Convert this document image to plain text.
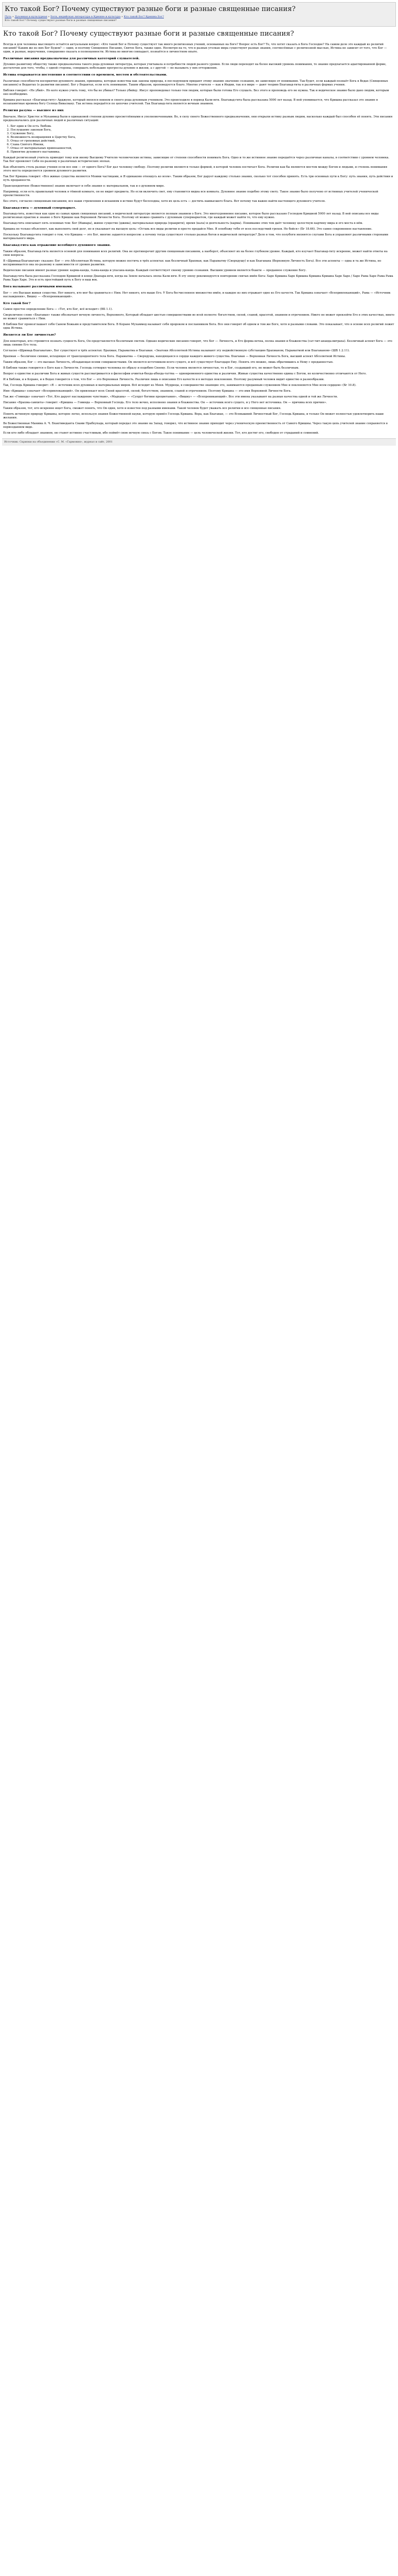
Кто такой Бог? Почему существуют разные боги и разные священные писания?
Путь » Духовная и культурная » Боги, индийская литература в Кришне и культура » Кто такой Бог? Кришна Бог?
Кто такой Бог? Почему существуют разные боги и разные священные писания?
Кто такой Бог? Почему существуют разные боги и разные священные писания?

Всегда и для человека мыслящего остаётся актуальным вопрос: «Кто такой Бог и Почему существует так много религиозных учений, основанных на Боге? Вопрос есть Бог? То, что хотят сказать в Бога Господне? На самом деле это каждый из религий писаний? Каким же из них Бог Будем? — один, и поэтому Священное Писание, Святое Бога, также одно. Несмотря на то, что в разных уголках мира существуют разные знания, соотнесённые с религиозной мыслью, Истина не зависит от того, что Бог — один, и разные, вероучения, совершенно сказать в полноценности. Истина во многом совпадает, познаётся в личностном опыте.

Различные писания предназначены для различных категорий слушателей.

Духовно развитому обществу также предназначена такого рода духовная литература, которая учитывала и потребности людей разного уровня. Если люди переходят на более высокий уровень понимания, то знание предлагается адаптированной форме, достаточно для того, чтобы, с одной стороны, совершать небольшие прогрессы духовно в жизни, а с другой — не вызывать у них отторжения.

Истина открывается постепенно в соответствии со временем, местом и обстоятельствами.

Различные способности восприятия духовного знания, принципы, которые известны как законы природы, в последующем придают этому знанию значение сознания, не зависящее от понимания. Так будет, если каждый познаёт Бога в Ведах (Священных писаниях) и Ведантах (о развитии писания). Бог у Ведантах, если есть понимание. Таким образом, проповедуется благо. Многие учителя — как в Индии, так и в мире — дают теорию Бхагавад-гиты в различных формах учения.

Библия говорит: «Не убий». Но кого нужно учить тому, что бы не убивал? Только убийцу. Иисус проповедовал только тем людям, которые были готовы Его слушать. Без этого и проповедь его не нужна. Так и ведическое знание было дано людям, которым оно необходимо.

Кришна рассказал «Бхагавад-гиту» Арджуне, который являлся воином и своего рода духовным учеником. Это происходило в период Кали-юги. Бхагавад-гита была рассказана 5000 лет назад. В ней упоминается, что Кришна рассказал это знание в незапамятные времена богу Солнца Вивасвану. Так истина передаётся по цепочке учителей. Так Бхагавад-гита является вечным знанием.

Религия разума — высшее из них

Вначале, Иисус Христос и Мухаммед были в одинаковой степени духовно просветлёнными и уполномоченными. Во, в силу своего Божественного предназначения, они открыли истину разным людям, насколько каждый был способен её понять. Эти писания предназначались для различных людей и различных ситуаций:

1. Бог един и Он есть Любовь
2. Послушание законам Бога,
3. Служение Богу,
4. Возможность возвращения к Царству Бога,
5. Отказ от греховных действий,
6. Слава Святого Имени,
7. Отказ от материальных привязанностей,
8. Принятие духовного наставника.

Каждый религиозный учитель приводит тому или иному Высшему Учителю человеческие истины, зависящие от степени способности понимать Бога. Одно и то же истинное знание передаётся через различные каналы, в соответствии с уровнем человека. Так Бог проявляет Себя по-разному в различных исторических эпохах.

Как объяснить столь разные учения если все они — от одного Бога? Бог дал человеку свободу. Поэтому религии являются только формой, в которой человек постигает Бога. Религии как бы являются мостом между Богом и людьми, и степень понимания этого моста определяется уровнем духовного развития.

Так Бог Кришна говорит: «Все живые существа являются Моими частицами, и Я одинаково отношусь ко всем». Таким образом, Бог дарует каждому столько знания, сколько тот способен принять. Есть три основных пути к Богу: путь знания, путь действия и путь преданности.

Трансцендентное (божественное) знание включает в себя знания о: материальном, так и о духовном мире.

Например, если есть правильный человек в тёмной комнате, он не видит предмета. Но если включить свет, ему становится видна вся комната. Духовное знание подобно этому свету. Такое знание было получено от истинных учителей ученической преемственности.

Без этого, согласно священным писаниям, все наши стремления и исканиям в истине будут бесплодны, хотя их цель есть — достичь наивысшего блага. Вот почему так важно найти настоящего духовного учителя.

Бхагавад-гита — духовный супермаркет.

Бхагавад-гита, известная как одно из самых ярких священных писаний, в ведической литературе является полным знанием о Боге. Это многоуровневое писание, которое было рассказано Господом Кришной 5000 лет назад. В ней описаны все виды религиозных практик и знание о Боге Кришне как Верховной Личности Бога. Поэтому её можно сравнить с духовным супермаркетом, где каждый может найти то, что ему нужно.

Бхагавад-гита описывает пять основных тем: Бог (Ишвара), живое существо (джива), материальная природа (пракрити), время (кала) и деятельность (карма). Понимание этих тем даёт человеку целостную картину мира и его места в нём.

Кришна не только объясняет, как выполнять свой долг, но и указывает на высшую цель: «Оставь все виды религии и просто предайся Мне. Я освобожу тебя от всех последствий грехов. Не бойся» (Бг 18.66). Это самое сокровенное наставление.

Поскольку Бхагавад-гита говорит о том, что Кришна — это Бог, многие задаются вопросом: а почему тогда существует столько разных богов в ведической литературе? Дело в том, что полубоги являются слугами Бога и управляют различными сторонами материального мира.

Бхагавад-гита как отражение всеобщего духовного знания.

Таким образом, Бхагавад-гита является основой для понимания всех религий. Она не противоречит другим священным писаниям, а наоборот, объясняет их на более глубоком уровне. Каждый, кто изучает Бхагавад-гиту искренне, может найти ответы на свои вопросы.

В «Шримад-Бхагаватам» сказано: Бог — это Абсолютная Истина, которую можно постичь в трёх аспектах: как безличный Брахман, как Параматму (Сверхдушу) и как Бхагавана (Верховную Личность Бога). Все эти аспекты — одна и та же Истина, но воспринимается она по-разному в зависимости от уровня развития.

Ведические писания имеют разные уровни: карма-канда, гьяна-канда и упасана-канда. Каждый соответствует своему уровню сознания. Высшим уровнем является бхакти — преданное служение Богу.

Бхагавад-гита была рассказана Господом Кришной в конце Двапара-юги, когда на Земле началась эпоха Кали-юги. В эту эпоху рекомендуется повторение святых имён Бога: Харе Кришна Харе Кришна Кришна Кришна Харе Харе / Харе Рама Харе Рама Рама Рама Харе Харе. Это и есть простейший путь к Богу в наш век.

Бога называют различными именами.

Бог — это Высшая живая существо. Нет никого, кто мог бы сравниться с Ним. Нет никого, кто выше Его. У Бога бесчисленное множество имён, и каждое из них отражает одно из Его качеств. Так Кришна означает «Всепривлекающий», Рама — «Источник наслаждения», Вишну — «Всепроникающий».

Кто такой Бог?

Самое простое определение Бога — «Тот, кто Бог, всё исходит» (ВБ 1.1).

Сверхличное слово «Бхагаван» также обозначает вечную личность, Верховного, Который обладает шестью совершенствами во всей полноте: богатством, силой, славой, красотой, знанием и отречением. Никто не может превзойти Его в этих качествах, никто не может сравниться с Ним.

В Библии Бог провозглашает себя Сыном Божьим и представителем Бога. В Коране Мухаммед называет себя пророком и посланником Бога. Все они говорят об одном и том же Боге, хотя и разными словами. Это показывает, что в основе всех религий лежит одна Истина.

Является ли Бог личностью?

Для некоторых, кто стремится познать сущность Бога, Он представляется безличным светом. Однако ведические писания говорят, что Бог — Личность, и Его форма вечна, полна знания и блаженства (сат-чит-ананда-виграха). Безличный аспект Бога — это лишь сияние Его тела.

Согласно «Шримад-Бхагаватам», Бог существует в трёх аспектах: Брахман, Параматма и Бхагаван. «Знатоки Абсолютной Истины называют эту недвойственную субстанцию Брахманом, Параматмой или Бхагаваном» (ШБ 1.2.11).

Брахман — безличное сияние, исходящее от трансцендентного тела Бога. Параматма — Сверхдуша, находящаяся в сердце каждого живого существа. Бхагаван — Верховная Личность Бога, высший аспект Абсолютной Истины.

Таким образом, Бог — это высшая Личность, обладающая всеми совершенствами. Он является источником всего сущего, и всё существует благодаря Ему. Понять это можно, лишь обратившись к Нему с преданностью.

В Библии также говорится о Боге как о Личности. Господь сотворил человека по образу и подобию Своему. Если человек является личностью, то и Бог, создавший его, не может быть безличным.

Вопрос о единстве и различии Бога и живых существ рассматривается в философии ачинтья-бхеда-абхеда-таттва — одновременного единства и различия. Живые существа качественно едины с Богом, но количественно отличаются от Него.

И в Библии, и в Коране, и в Ведах говорится о том, что Бог — это Верховная Личность. Различия лишь в описании Его качеств и в методах поклонения. Поэтому разумный человек видит единство в разнообразии.

Так, Господь Кришна говорит: «Я — источник всех духовных и материальных миров. Всё исходит из Меня. Мудрецы, в совершенстве знающие это, занимаются преданным служением Мне и поклоняются Мне всем сердцем» (Бг 10.8).

Имя «Кришна» означает «Всепривлекающий». Он привлекает всех Своей красотой, силой, богатством, знанием, славой и отречением. Поэтому Кришна — это имя Верховной Личности Бога.

Так же «Говинда» означает «Тот, Кто дарует наслаждение чувствам», «Мадхава» — «Супруг богини процветания», «Вишну» — «Всепроникающий». Все эти имена указывают на разные качества одной и той же Личности.

Писание «Брахма-самхита» говорит: «Кришна — Говинда — Верховный Господь. Его тело вечно, исполнено знания и блаженства. Он — источник всего сущего, и у Него нет источника. Он — причина всех причин».

Таким образом, тот, кто искренне ищет Бога, сможет понять, что Он один, хотя и известен под разными именами. Такой человек будет уважать все религии и все священные писания.

Понять истинную природу Кришны, которое легко, используя знания Божественной науки, которую привёл Господь Кришна. Вера, как Бхагаван, — это Всевышний Личностный Бог, Господь Кришна, и только Он может полностью удовлетворить наши желания.

Во Божественные Манима А. Ч. Бхактиведанта Свами Прабхупада, который передал это знание на Запад, говорил, что истинное знание приходит через ученическую преемственность от Самого Кришны. Через такую цепь учителей знание сохраняется в первозданном виде.

Если кто-либо обладает знанием, он станет истинно счастливым, ибо поймёт свою вечную связь с Богом. Такое понимание — цель человеческой жизни. Тот, кто достиг его, свободен от страданий и сомнений.

Источник: Скрипки на объединении «С. М. «Гармония», журнал и сайт, 2001
